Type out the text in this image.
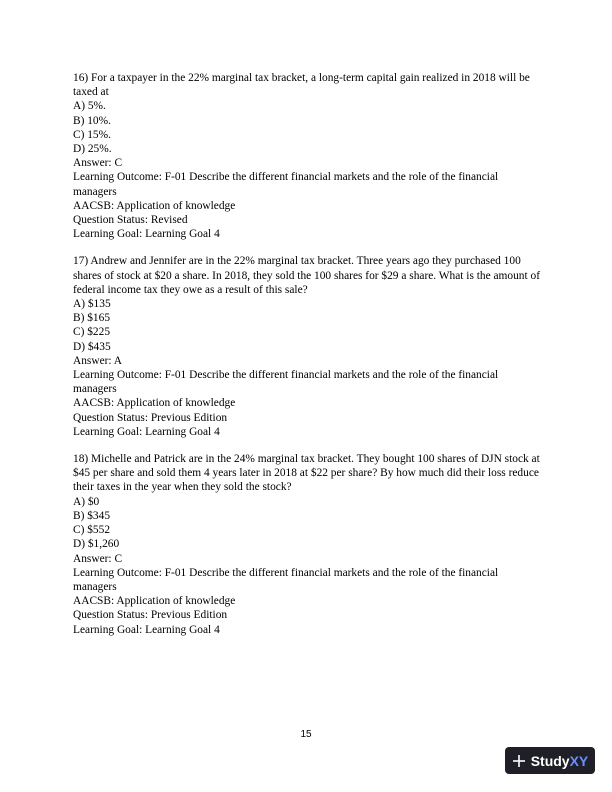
16) For a taxpayer in the 22% marginal tax bracket, a long-term capital gain realized in 2018 will be taxed at
A) 5%.
B) 10%.
C) 15%.
D) 25%.
Answer: C
Learning Outcome: F-01 Describe the different financial markets and the role of the financial managers
AACSB: Application of knowledge
Question Status: Revised
Learning Goal: Learning Goal 4
17) Andrew and Jennifer are in the 22% marginal tax bracket. Three years ago they purchased 100 shares of stock at $20 a share. In 2018, they sold the 100 shares for $29 a share. What is the amount of federal income tax they owe as a result of this sale?
A) $135
B) $165
C) $225
D) $435
Answer: A
Learning Outcome: F-01 Describe the different financial markets and the role of the financial managers
AACSB: Application of knowledge
Question Status: Previous Edition
Learning Goal: Learning Goal 4
18) Michelle and Patrick are in the 24% marginal tax bracket. They bought 100 shares of DJN stock at $45 per share and sold them 4 years later in 2018 at $22 per share? By how much did their loss reduce their taxes in the year when they sold the stock?
A) $0
B) $345
C) $552
D) $1,260
Answer: C
Learning Outcome: F-01 Describe the different financial markets and the role of the financial managers
AACSB: Application of knowledge
Question Status: Previous Edition
Learning Goal: Learning Goal 4
15
StudyXY
